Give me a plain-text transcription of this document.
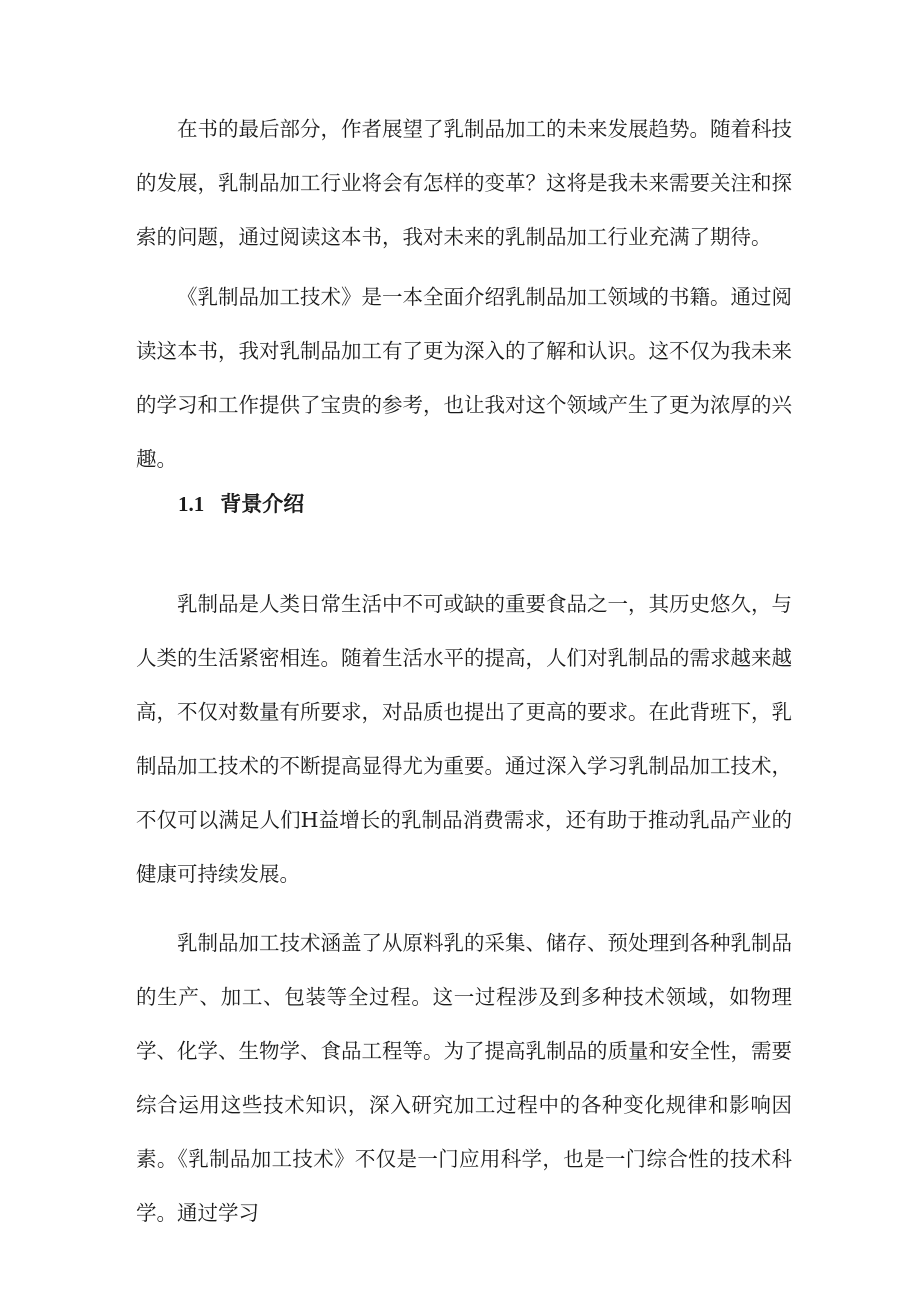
在书的最后部分，作者展望了乳制品加工的未来发展趋势。随着科技的发展，乳制品加工行业将会有怎样的变革？这将是我未来需要关注和探索的问题，通过阅读这本书，我对未来的乳制品加工行业充满了期待。

《乳制品加工技术》是一本全面介绍乳制品加工领域的书籍。通过阅读这本书，我对乳制品加工有了更为深入的了解和认识。这不仅为我未来的学习和工作提供了宝贵的参考，也让我对这个领域产生了更为浓厚的兴趣。

1.1 背景介绍

乳制品是人类日常生活中不可或缺的重要食品之一，其历史悠久，与人类的生活紧密相连。随着生活水平的提高，人们对乳制品的需求越来越高，不仅对数量有所要求，对品质也提出了更高的要求。在此背班下，乳制品加工技术的不断提高显得尤为重要。通过深入学习乳制品加工技术，不仅可以满足人们H益增长的乳制品消费需求，还有助于推动乳品产业的健康可持续发展。

乳制品加工技术涵盖了从原料乳的采集、储存、预处理到各种乳制品的生产、加工、包装等全过程。这一过程涉及到多种技术领域，如物理学、化学、生物学、食品工程等。为了提高乳制品的质量和安全性，需要综合运用这些技术知识，深入研究加工过程中的各种变化规律和影响因素。《乳制品加工技术》不仅是一门应用科学，也是一门综合性的技术科学。通过学习
